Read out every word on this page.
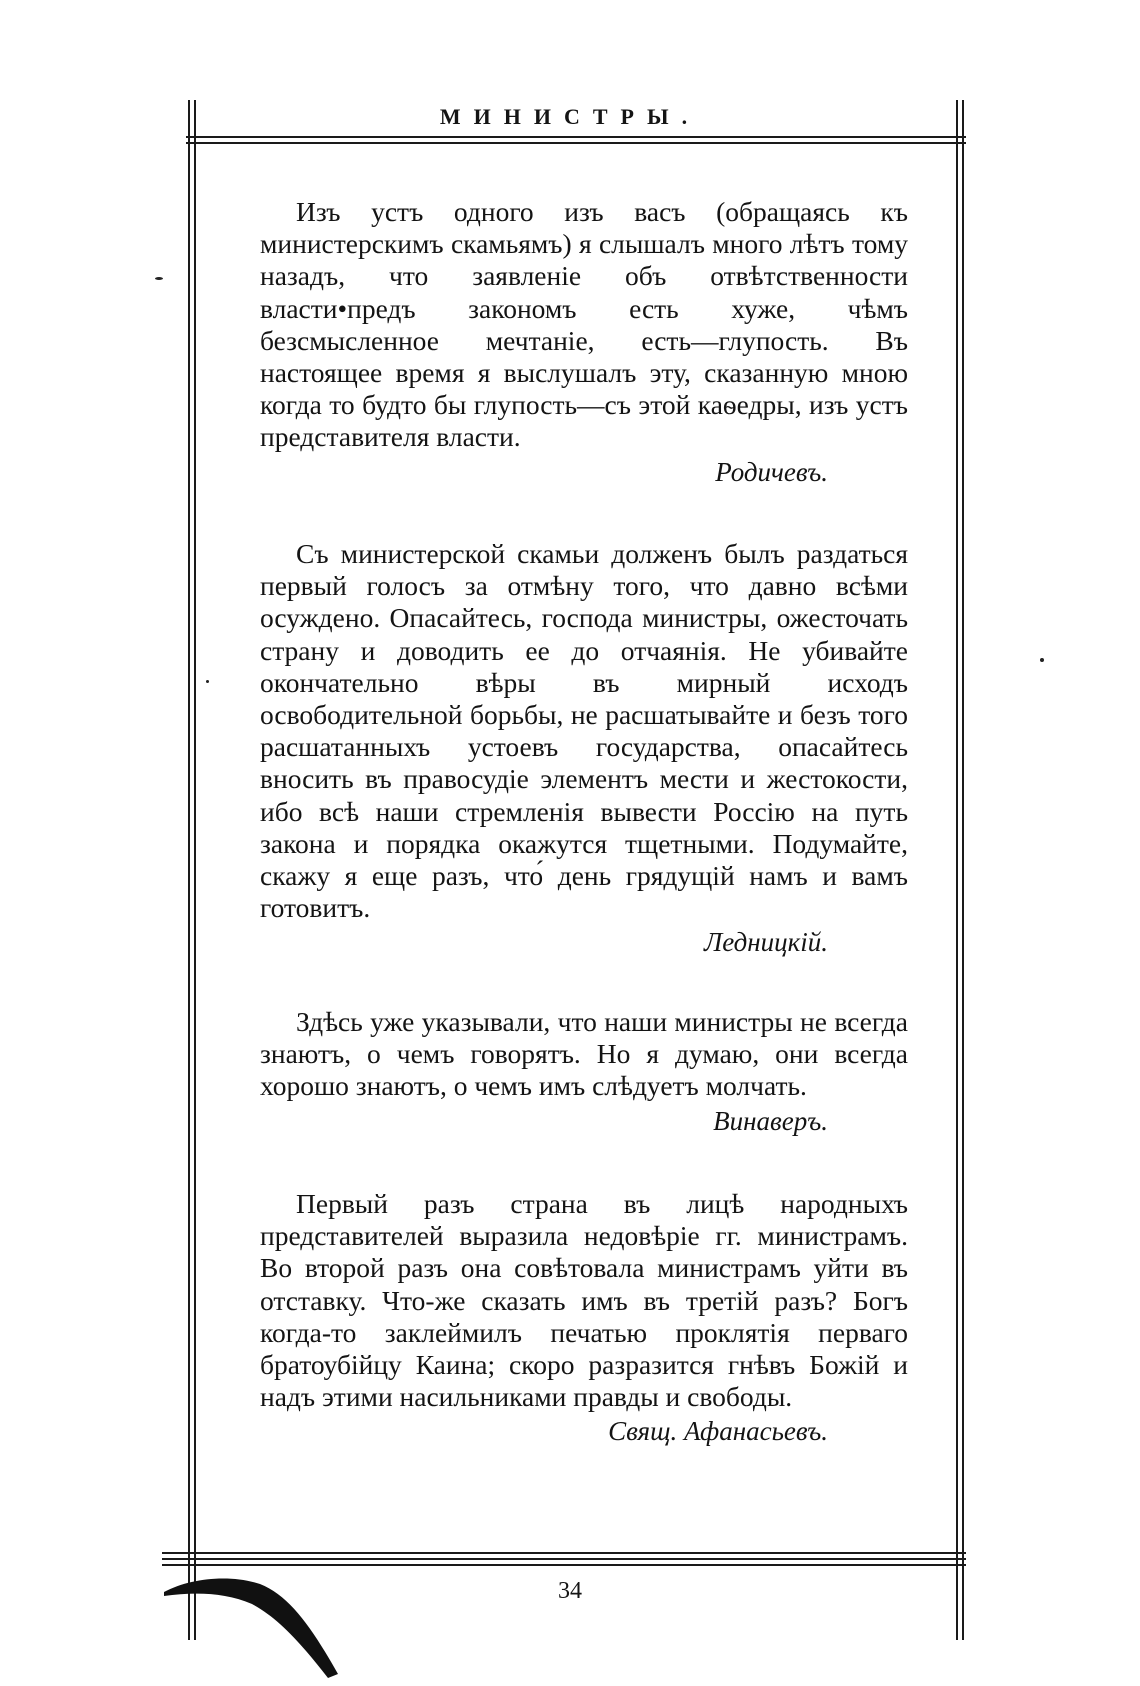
МИНИСТРЫ.

Изъ устъ одного изъ васъ (обращаясь къ министерскимъ скамьямъ) я слышалъ много лѣтъ тому назадъ, что заявленіе объ отвѣтственности власти•предъ закономъ есть хуже, чѣмъ безсмысленное мечтаніе, есть—глупость. Въ настоящее время я выслушалъ эту, сказанную мною когда то будто бы глупость—съ этой каѳедры, изъ устъ представителя власти.

Родичевъ.

Съ министерской скамьи долженъ былъ раздаться первый голосъ за отмѣну того, что давно всѣми осуждено. Опасайтесь, господа министры, ожесточать страну и доводить ее до отчаянія. Не убивайте окончательно вѣры въ мирный исходъ освободительной борьбы, не расшатывайте и безъ того расшатанныхъ устоевъ государства, опасайтесь вносить въ правосудіе элементъ мести и жестокости, ибо всѣ наши стремленія вывести Россію на путь закона и порядка окажутся тщетными. Подумайте, скажу я еще разъ, что́ день грядущій намъ и вамъ готовитъ.

Ледницкій.

Здѣсь уже указывали, что наши министры не всегда знаютъ, о чемъ говорятъ. Но я думаю, они всегда хорошо знаютъ, о чемъ имъ слѣдуетъ молчать.

Винаверъ.

Первый разъ страна въ лицѣ народныхъ представителей выразила недовѣріе гг. министрамъ. Во второй разъ она совѣтовала министрамъ уйти въ отставку. Что-же сказать имъ въ третій разъ? Богъ когда-то заклеймилъ печатью проклятія перваго братоубійцу Каина; скоро разразится гнѣвъ Божій и надъ этими насильниками правды и свободы.

Свящ. Афанасьевъ.
34
